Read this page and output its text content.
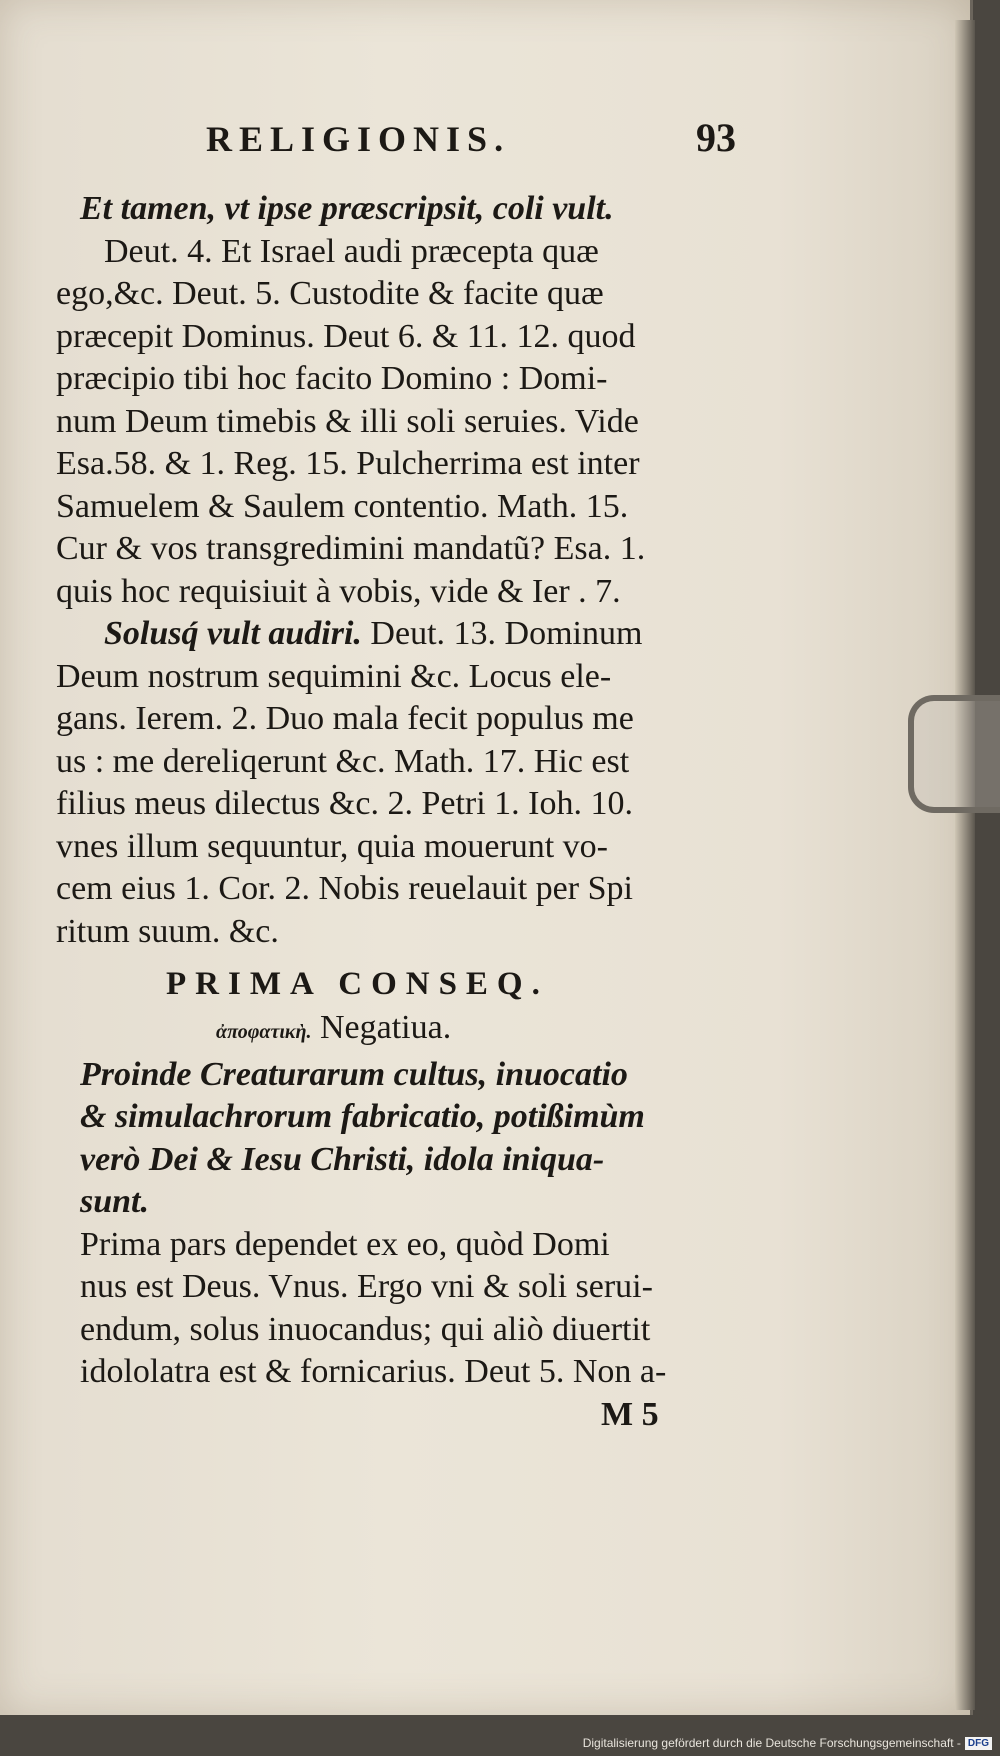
RELIGIONIS.	93
Et tamen, vt ipse præscripsit, coli vult.
Deut. 4. Et Israel audi præcepta quæ
ego,&c. Deut. 5. Custodite & facite quæ
præcepit Dominus. Deut 6. & 11. 12. quod
præcipio tibi hoc facito Domino : Domi-
num Deum timebis & illi soli seruies. Vide
Esa.58. & 1. Reg. 15. Pulcherrima est inter
Samuelem & Saulem contentio. Math. 15.
Cur & vos transgredimini mandatũ? Esa. 1.
quis hoc requisiuit à vobis, vide & Ier . 7.
Solusq́ vult audiri. Deut. 13. Dominum
Deum nostrum sequimini &c. Locus ele-
gans. Ierem. 2. Duo mala fecit populus me
us : me dereliqerunt &c. Math. 17. Hic est
filius meus dilectus &c. 2. Petri 1. Ioh. 10.
vnes illum sequuntur, quia mouerunt vo-
cem eius 1. Cor. 2. Nobis reuelauit per Spi
ritum suum. &c.
PRIMA CONSEQ.
ἀποφατικὴ. Negatiua.
Proinde Creaturarum cultus, inuocatio
& simulachrorum fabricatio, potißimùm
verò Dei & Iesu Christi, idola iniqua-
sunt.
Prima pars dependet ex eo, quòd Domi
nus est Deus. Vnus. Ergo vni & soli serui-
endum, solus inuocandus; qui aliò diuertit
idololatra est & fornicarius. Deut 5. Non a-
M 5
Digitalisierung gefördert durch die Deutsche Forschungsgemeinschaft - DFG
